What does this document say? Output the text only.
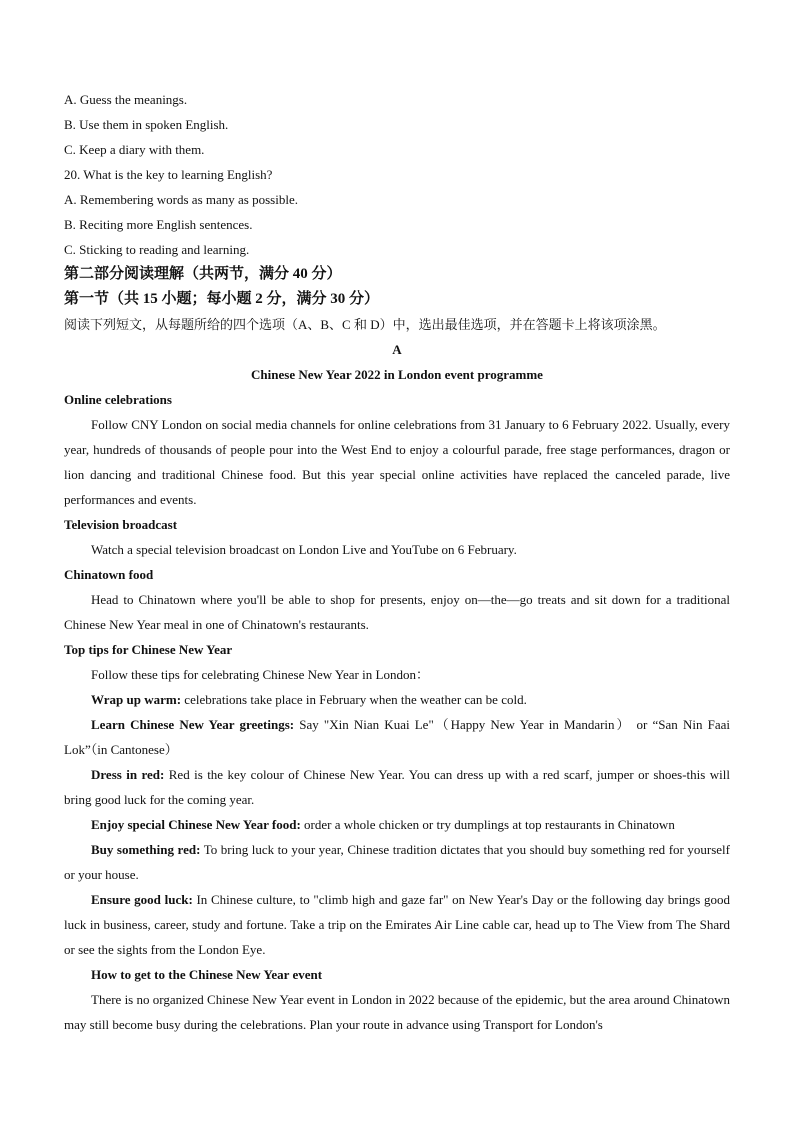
A. Guess the meanings.
B. Use them in spoken English.
C. Keep a diary with them.
20. What is the key to learning English?
A. Remembering words as many as possible.
B. Reciting more English sentences.
C. Sticking to reading and learning.
第二部分阅读理解（共两节，满分 40 分）
第一节（共 15 小题；每小题 2 分，满分 30 分）
阅读下列短文，从每题所给的四个选项（A、B、C 和 D）中，选出最佳选项，并在答题卡上将该项涂黑。
A
Chinese New Year 2022 in London event programme
Online celebrations

Follow CNY London on social media channels for online celebrations from 31 January to 6 February 2022. Usually, every year, hundreds of thousands of people pour into the West End to enjoy a colourful parade, free stage performances, dragon or lion dancing and traditional Chinese food. But this year special online activities have replaced the canceled parade, live performances and events.

Television broadcast

Watch a special television broadcast on London Live and YouTube on 6 February.

Chinatown food

Head to Chinatown where you'll be able to shop for presents, enjoy on—the—go treats and sit down for a traditional Chinese New Year meal in one of Chinatown's restaurants.

Top tips for Chinese New Year

Follow these tips for celebrating Chinese New Year in London：

Wrap up warm: celebrations take place in February when the weather can be cold.

Learn Chinese New Year greetings: Say "Xin Nian Kuai Le"（Happy New Year in Mandarin） or “San Nin Faai Lok”（in Cantonese）

Dress in red: Red is the key colour of Chinese New Year. You can dress up with a red scarf, jumper or shoes-this will bring good luck for the coming year.

Enjoy special Chinese New Year food: order a whole chicken or try dumplings at top restaurants in Chinatown

Buy something red: To bring luck to your year, Chinese tradition dictates that you should buy something red for yourself or your house.

Ensure good luck: In Chinese culture, to "climb high and gaze far" on New Year's Day or the following day brings good luck in business, career, study and fortune. Take a trip on the Emirates Air Line cable car, head up to The View from The Shard or see the sights from the London Eye.

How to get to the Chinese New Year event

There is no organized Chinese New Year event in London in 2022 because of the epidemic, but the area around Chinatown may still become busy during the celebrations. Plan your route in advance using Transport for London's
